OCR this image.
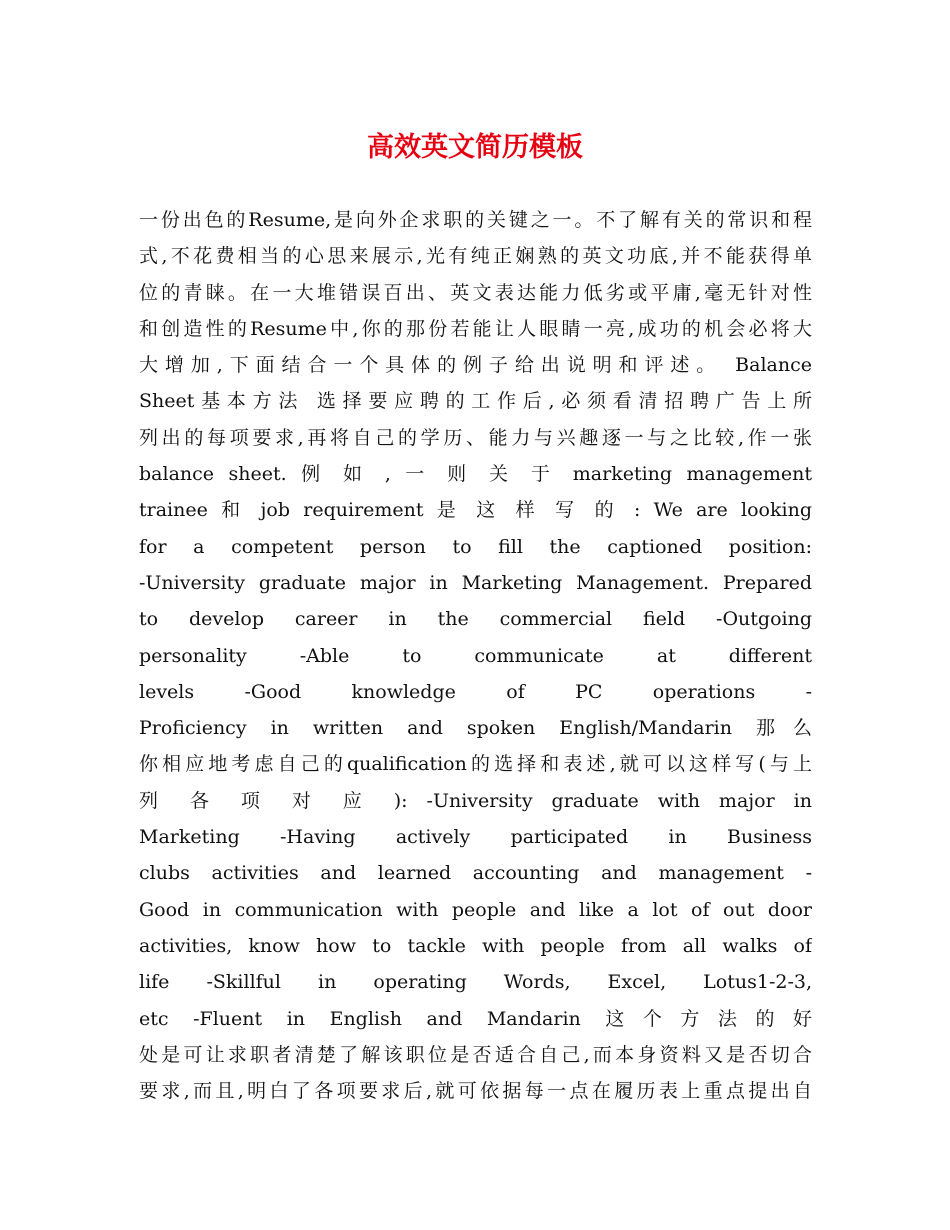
高效英文简历模板
一份出色的Resume,是向外企求职的关键之一。不了解有关的常识和程
式,不花费相当的心思来展示,光有纯正娴熟的英文功底,并不能获得单
位的青睐。在一大堆错误百出、英文表达能力低劣或平庸,毫无针对性
和创造性的Resume中,你的那份若能让人眼睛一亮,成功的机会必将大
大增加,下面结合一个具体的例子给出说明和评述。 Balance
Sheet基本方法 选择要应聘的工作后,必须看清招聘广告上所
列出的每项要求,再将自己的学历、能力与兴趣逐一与之比较,作一张
balance sheet. 例 如 , 一 则 关 于 marketing management
trainee 和 job requirement 是 这 样 写 的 : We are looking
for a competent person to fill the captioned position:
-University graduate major in Marketing Management. Prepared
to develop career in the commercial field -Outgoing
personality -Able to communicate at different
levels -Good knowledge of PC operations -
Proficiency in written and spoken English/Mandarin 那么
你相应地考虑自己的qualification的选择和表述,就可以这样写(与上
列 各 项 对 应 ): -University graduate with major in
Marketing -Having actively participated in Business
clubs activities and learned accounting and management -
Good in communication with people and like a lot of out door
activities, know how to tackle with people from all walks of
life -Skillful in operating Words, Excel, Lotus1-2-3,
etc -Fluent in English and Mandarin 这个方法的好
处是可让求职者清楚了解该职位是否适合自己,而本身资料又是否切合
要求,而且,明白了各项要求后,就可依据每一点在履历表上重点提出自
